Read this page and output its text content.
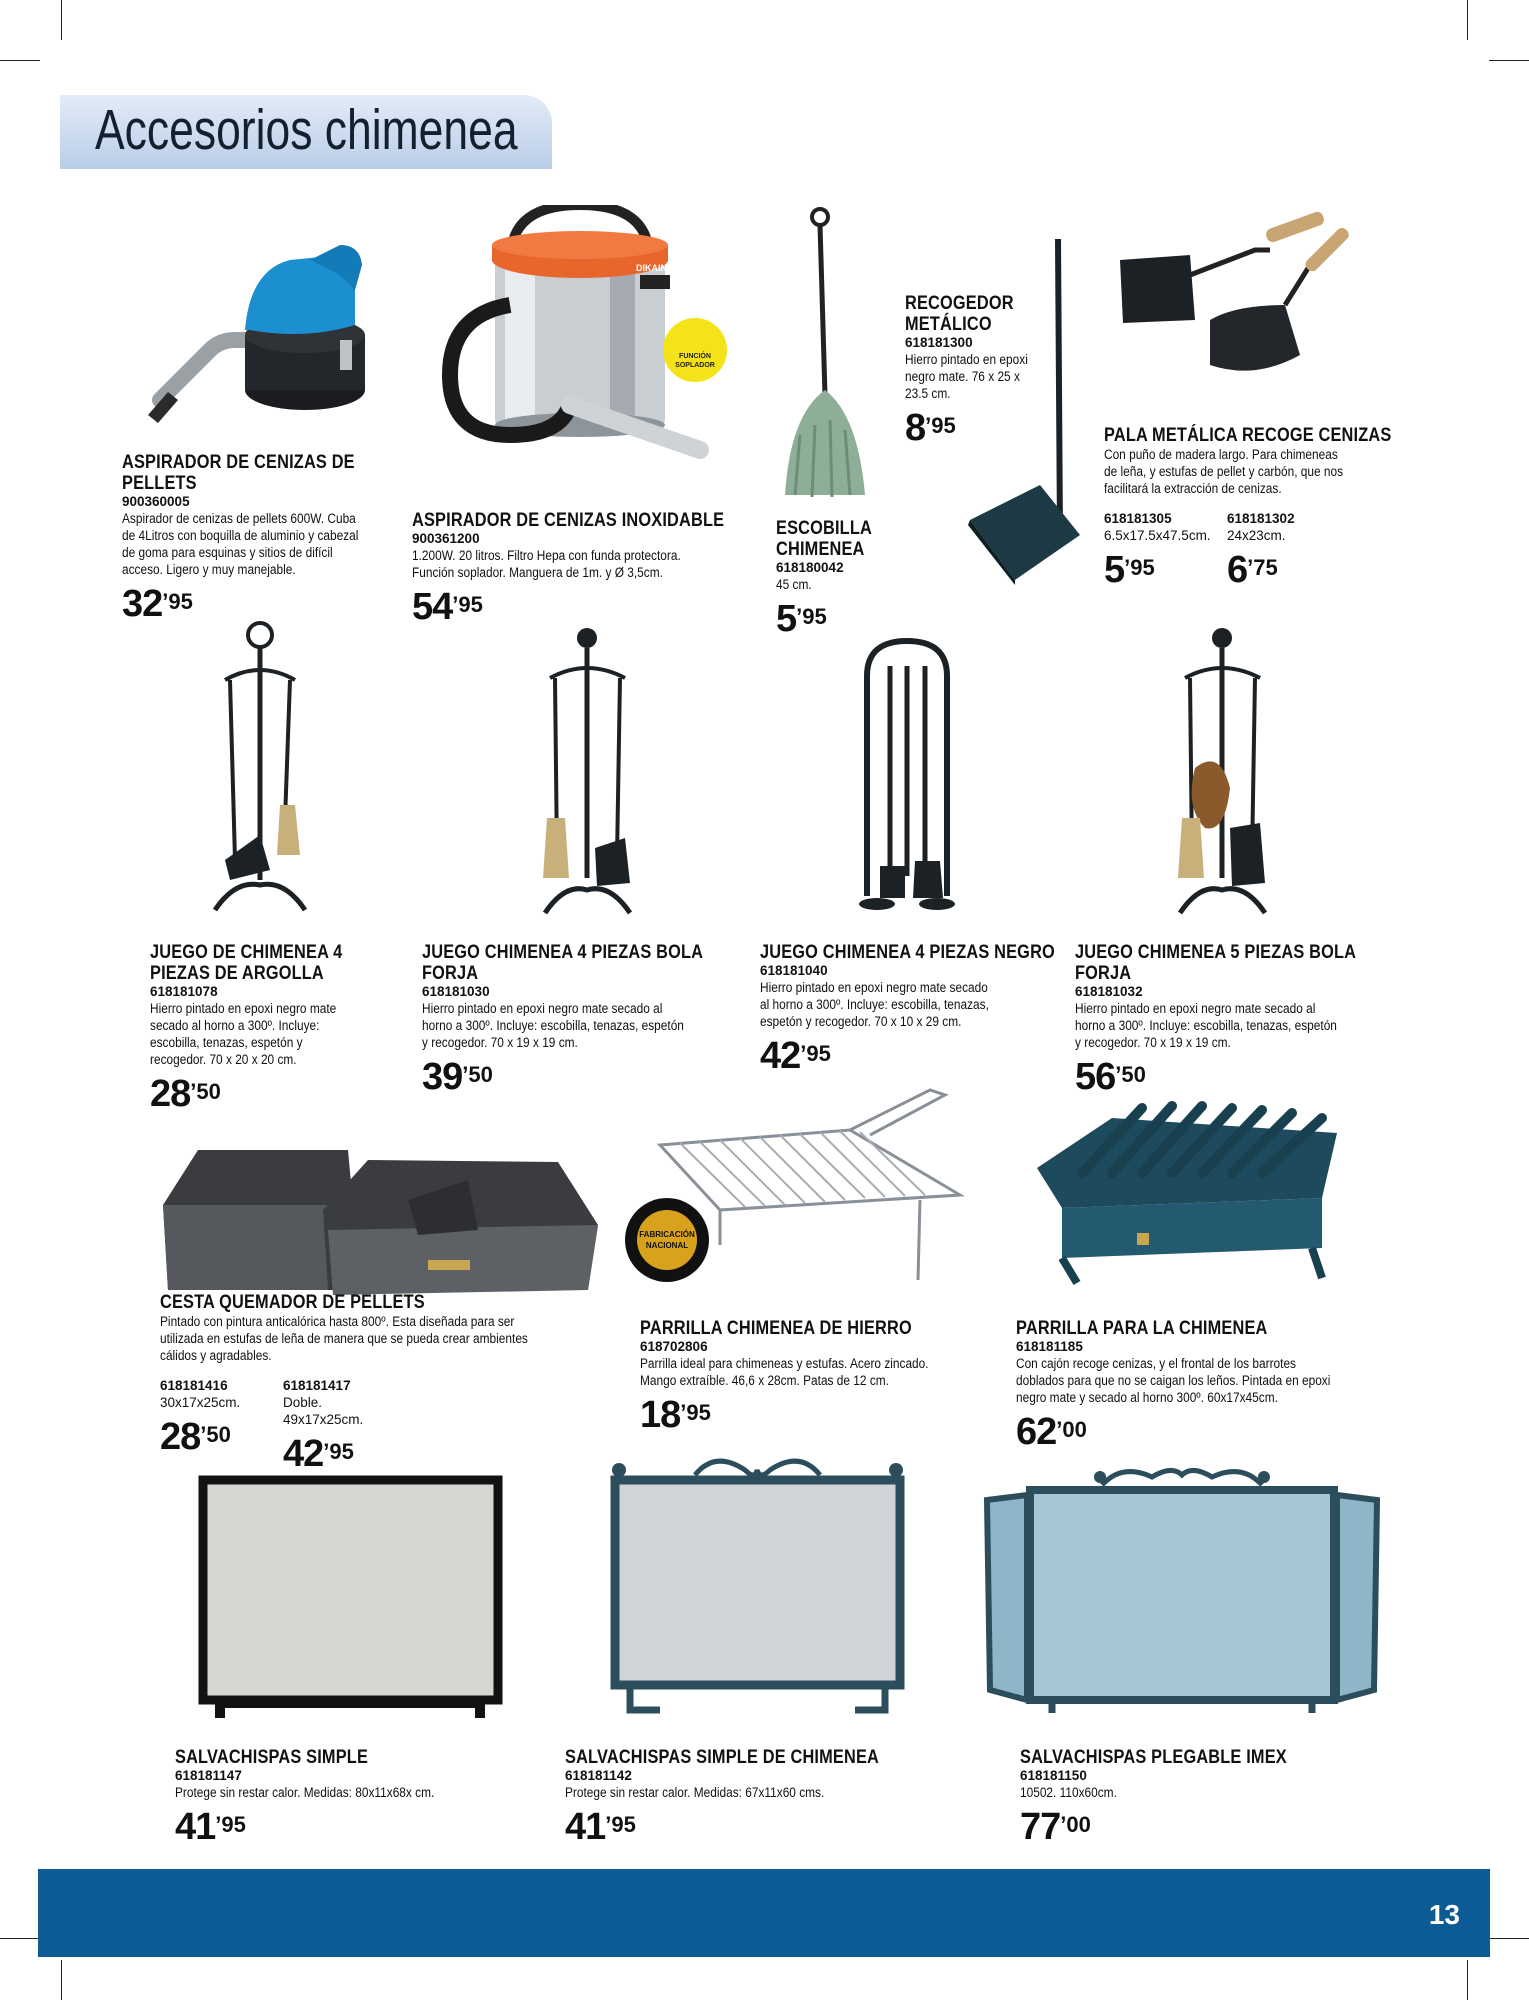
Accesorios chimenea
FUNCIÓN
SOPLADOR
DIKAIN
ASPIRADOR DE CENIZAS DE
PELLETS
900360005
Aspirador de cenizas de pellets 600W. Cuba
de 4Litros con boquilla de aluminio y cabezal
de goma para esquinas y sitios de difícil
acceso. Ligero y muy manejable.
$32^{’95}$
ASPIRADOR DE CENIZAS INOXIDABLE
900361200
1.200W. 20 litros. Filtro Hepa con funda protectora.
Función soplador. Manguera de 1m. y Ø 3,5cm.
$54^{’95}$
ESCOBILLA
CHIMENEA
618180042
45 cm.
$5^{’95}$
RECOGEDOR
METÁLICO
618181300
Hierro pintado en epoxi
negro mate. 76 x 25 x
23.5 cm.
$8^{’95}$	PALA METÁLICA RECOGE CENIZAS
Con puño de madera largo. Para chimeneas
de leña, y estufas de pellet y carbón, que nos
facilitará la extracción de cenizas.
618181305
6.5x17.5x47.5cm.
$5^{’95}$
618181302
24x23cm.
$6^{’75}$
JUEGO DE CHIMENEA 4
PIEZAS DE ARGOLLA
618181078
Hierro pintado en epoxi negro mate
secado al horno a 300º. Incluye:
escobilla, tenazas, espetón y
recogedor. 70 x 20 x 20 cm.
$28^{’50}$
JUEGO CHIMENEA 4 PIEZAS BOLA
FORJA
618181030
Hierro pintado en epoxi negro mate secado al
horno a 300º. Incluye: escobilla, tenazas, espetón
y recogedor. 70 x 19 x 19 cm.
$39^{’50}$
JUEGO CHIMENEA 4 PIEZAS NEGRO
618181040
Hierro pintado en epoxi negro mate secado
al horno a 300º. Incluye: escobilla, tenazas,
espetón y recogedor. 70 x 10 x 29 cm.
$42^{’95}$
JUEGO CHIMENEA 5 PIEZAS BOLA
FORJA
618181032
Hierro pintado en epoxi negro mate secado al
horno a 300º. Incluye: escobilla, tenazas, espetón
y recogedor. 70 x 19 x 19 cm.
$56^{’50}$
FABRICACIÓN
NACIONAL
CESTA QUEMADOR DE PELLETS
Pintado con pintura anticalórica hasta 800º. Esta diseñada para ser
utilizada en estufas de leña de manera que se pueda crear ambientes
cálidos y agradables.
618181416
30x17x25cm.
$28^{’50}$
618181417
Doble. 49x17x25cm.
$42^{’95}$
PARRILLA CHIMENEA DE HIERRO
618702806
Parrilla ideal para chimeneas y estufas. Acero zincado.
Mango extraíble. 46,6 x 28cm. Patas de 12 cm.
$18^{’95}$
PARRILLA PARA LA CHIMENEA
618181185
Con cajón recoge cenizas, y el frontal de los barrotes
doblados para que no se caigan los leños. Pintada en epoxi
negro mate y secado al horno 300º. 60x17x45cm.
$62^{’00}$
SALVACHISPAS SIMPLE
618181147
Protege sin restar calor. Medidas: 80x11x68x cm.
$41^{’95}$
SALVACHISPAS SIMPLE DE CHIMENEA
618181142
Protege sin restar calor. Medidas: 67x11x60 cms.
$41^{’95}$
SALVACHISPAS PLEGABLE IMEX
618181150
10502. 110x60cm.
$77^{’00}$
13
